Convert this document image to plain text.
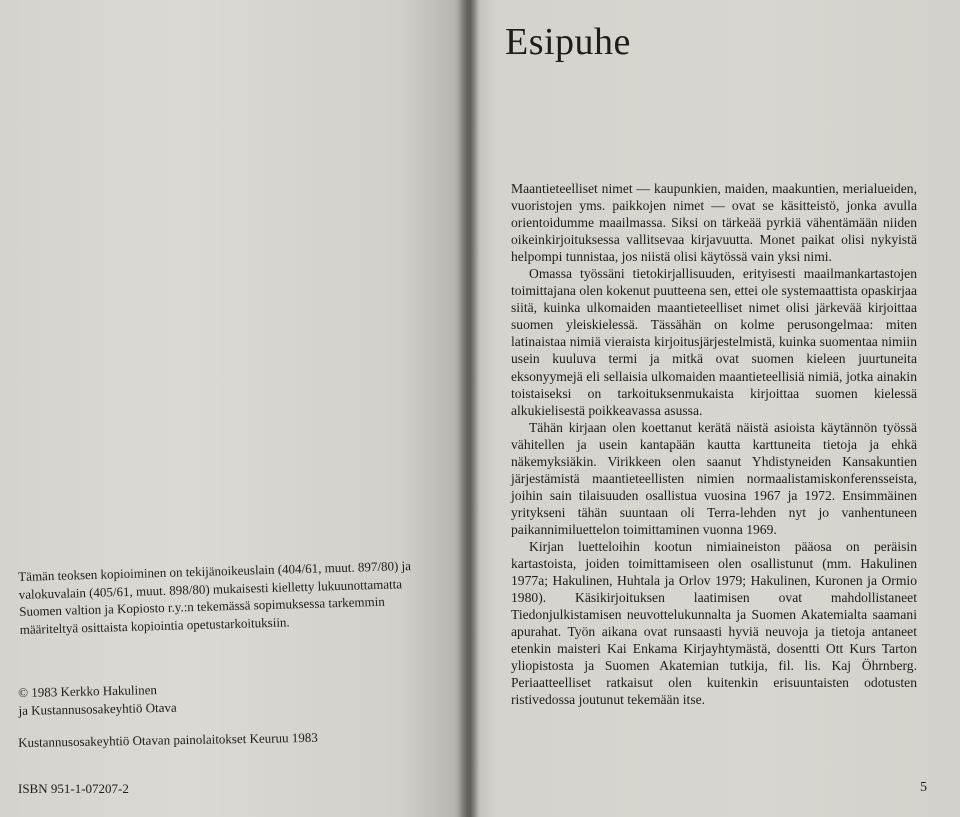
Tämän teoksen kopioiminen on tekijänoikeuslain (404/61, muut. 897/80) ja valokuvalain (405/61, muut. 898/80) mukaisesti kielletty lukuunottamatta Suomen valtion ja Kopiosto r.y.:n tekemässä sopimuksessa tarkemmin määriteltyä osittaista kopiointia opetustarkoituksiin.

© 1983 Kerkko Hakulinen
ja Kustannusosakeyhtiö Otava

Kustannusosakeyhtiö Otavan painolaitokset Keuruu 1983

ISBN 951-1-07207-2

Esipuhe

Maantieteelliset nimet — kaupunkien, maiden, maakuntien, merialueiden, vuoristojen yms. paikkojen nimet — ovat se käsitteistö, jonka avulla orientoidumme maailmassa. Siksi on tärkeää pyrkiä vähentämään niiden oikeinkirjoituksessa vallitsevaa kirjavuutta. Monet paikat olisi nykyistä helpompi tunnistaa, jos niistä olisi käytössä vain yksi nimi.

Omassa työssäni tietokirjallisuuden, erityisesti maailmankartastojen toimittajana olen kokenut puutteena sen, ettei ole systemaattista opaskirjaa siitä, kuinka ulkomaiden maantieteelliset nimet olisi järkevää kirjoittaa suomen yleiskielessä. Tässähän on kolme perusongelmaa: miten latinaistaa nimiä vieraista kirjoitusjärjestelmistä, kuinka suomentaa nimiin usein kuuluva termi ja mitkä ovat suomen kieleen juurtuneita eksonyymejä eli sellaisia ulkomaiden maantieteellisiä nimiä, jotka ainakin toistaiseksi on tarkoituksenmukaista kirjoittaa suomen kielessä alkukielisestä poikkeavassa asussa.

Tähän kirjaan olen koettanut kerätä näistä asioista käytännön työssä vähitellen ja usein kantapään kautta karttuneita tietoja ja ehkä näkemyksiäkin. Virikkeen olen saanut Yhdistyneiden Kansakuntien järjestämistä maantieteellisten nimien normaalistamiskonferensseista, joihin sain tilaisuuden osallistua vuosina 1967 ja 1972. Ensimmäinen yritykseni tähän suuntaan oli Terra-lehden nyt jo vanhentuneen paikannimiluettelon toimittaminen vuonna 1969.

Kirjan luetteloihin kootun nimiaineiston pääosa on peräisin kartastoista, joiden toimittamiseen olen osallistunut (mm. Hakulinen 1977a; Hakulinen, Huhtala ja Orlov 1979; Hakulinen, Kuronen ja Ormio 1980). Käsikirjoituksen laatimisen ovat mahdollistaneet Tiedonjulkistamisen neuvottelukunnalta ja Suomen Akatemialta saamani apurahat. Työn aikana ovat runsaasti hyviä neuvoja ja tietoja antaneet etenkin maisteri Kai Enkama Kirjayhtymästä, dosentti Ott Kurs Tarton yliopistosta ja Suomen Akatemian tutkija, fil. lis. Kaj Öhrnberg. Periaatteelliset ratkaisut olen kuitenkin erisuuntaisten odotusten ristivedossa joutunut tekemään itse.

5
